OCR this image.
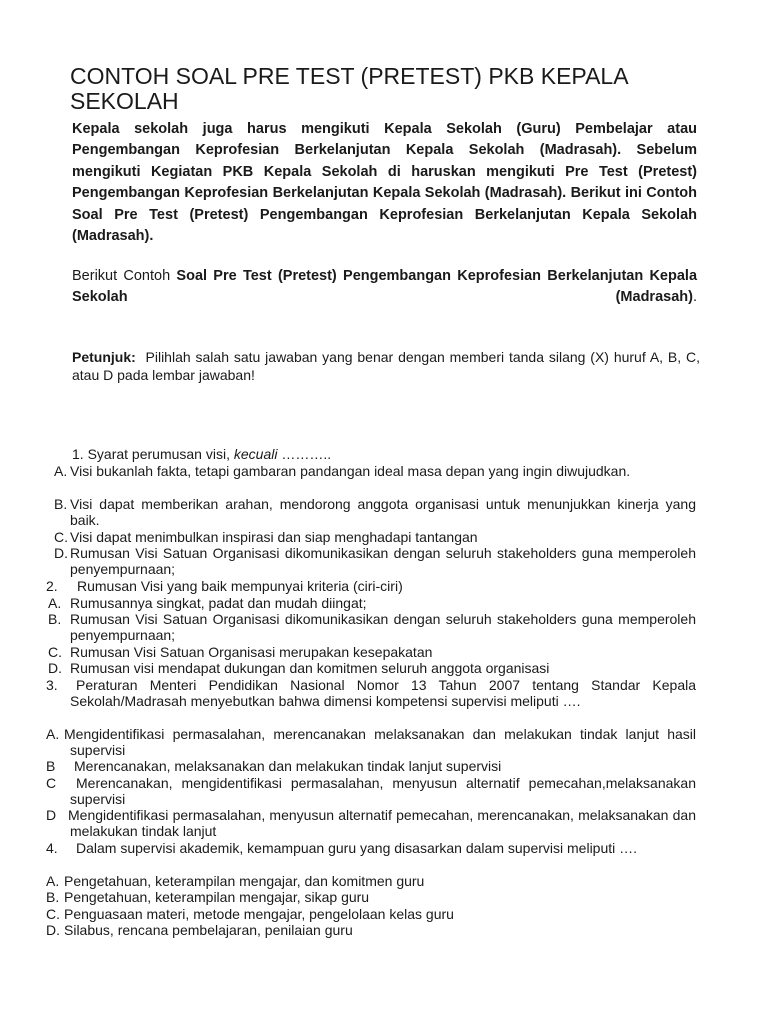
CONTOH SOAL PRE TEST (PRETEST) PKB KEPALA SEKOLAH

Kepala sekolah juga harus mengikuti Kepala Sekolah (Guru) Pembelajar atau Pengembangan Keprofesian Berkelanjutan Kepala Sekolah (Madrasah). Sebelum mengikuti Kegiatan PKB Kepala Sekolah di haruskan mengikuti Pre Test (Pretest) Pengembangan Keprofesian Berkelanjutan Kepala Sekolah (Madrasah). Berikut ini Contoh Soal Pre Test (Pretest) Pengembangan Keprofesian Berkelanjutan Kepala Sekolah (Madrasah).

Berikut Contoh Soal Pre Test (Pretest) Pengembangan Keprofesian Berkelanjutan Kepala Sekolah (Madrasah).

Petunjuk: Pilihlah salah satu jawaban yang benar dengan memberi tanda silang (X) huruf A, B, C, atau D pada lembar jawaban!

1. Syarat perumusan visi, kecuali ………..
A. Visi bukanlah fakta, tetapi gambaran pandangan ideal masa depan yang ingin diwujudkan.
B. Visi dapat memberikan arahan, mendorong anggota organisasi untuk menunjukkan kinerja yang baik.
C. Visi dapat menimbulkan inspirasi dan siap menghadapi tantangan
D. Rumusan Visi Satuan Organisasi dikomunikasikan dengan seluruh stakeholders guna memperoleh penyempurnaan;
2. Rumusan Visi yang baik mempunyai kriteria (ciri-ciri)
A. Rumusannya singkat, padat dan mudah diingat;
B. Rumusan Visi Satuan Organisasi dikomunikasikan dengan seluruh stakeholders guna memperoleh penyempurnaan;
C. Rumusan Visi Satuan Organisasi merupakan kesepakatan
D. Rumusan visi mendapat dukungan dan komitmen seluruh anggota organisasi
3.	Peraturan Menteri Pendidikan Nasional Nomor 13 Tahun 2007 tentang Standar Kepala Sekolah/Madrasah menyebutkan bahwa dimensi kompetensi supervisi meliputi ….
A. Mengidentifikasi permasalahan, merencanakan melaksanakan dan melakukan tindak lanjut hasil supervisi
B Merencanakan, melaksanakan dan melakukan tindak lanjut supervisi
C	Merencanakan, mengidentifikasi permasalahan, menyusun alternatif pemecahan,melaksanakan supervisi
D Mengidentifikasi permasalahan, menyusun alternatif pemecahan, merencanakan, melaksanakan dan melakukan tindak lanjut
4.	Dalam supervisi akademik, kemampuan guru yang disasarkan dalam supervisi meliputi ….
A. Pengetahuan, keterampilan mengajar, dan komitmen guru
B. Pengetahuan, keterampilan mengajar, sikap guru
C. Penguasaan materi, metode mengajar, pengelolaan kelas guru
D. Silabus, rencana pembelajaran, penilaian guru
